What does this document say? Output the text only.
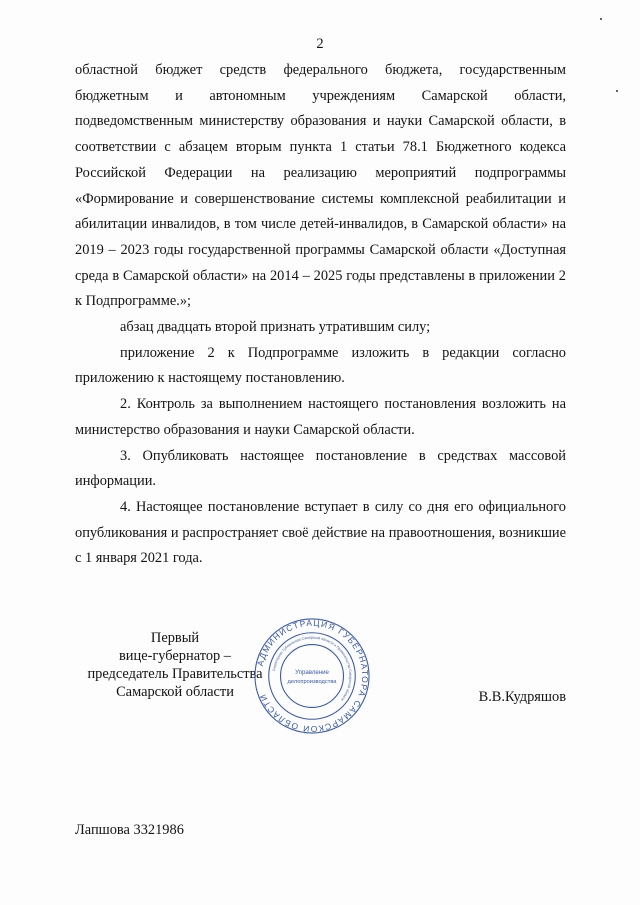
2

областной бюджет средств федерального бюджета, государственным бюджетным и автономным учреждениям Самарской области, подведомственным министерству образования и науки Самарской области, в соответствии с абзацем вторым пункта 1 статьи 78.1 Бюджетного кодекса Российской Федерации на реализацию мероприятий подпрограммы «Формирование и совершенствование системы комплексной реабилитации и абилитации инвалидов, в том числе детей-инвалидов, в Самарской области» на 2019 – 2023 годы государственной программы Самарской области «Доступная среда в Самарской области» на 2014 – 2025 годы представлены в приложении 2 к Подпрограмме.»;

абзац двадцать второй признать утратившим силу;

приложение 2 к Подпрограмме изложить в редакции согласно приложению к настоящему постановлению.

2. Контроль за выполнением настоящего постановления возложить на министерство образования и науки Самарской области.

3. Опубликовать настоящее постановление в средствах массовой информации.

4. Настоящее постановление вступает в силу со дня его официального опубликования и распространяет своё действие на правоотношения, возникшие с 1 января 2021 года.

Первый
вице-губернатор –
председатель Правительства
Самарской области
АДМИНИСТРАЦИЯ ГУБЕРНАТОРА САМАРСКОЙ ОБЛАСТИ
Секретариат Губернатора Самарской области и Правительства Самарской области
Управление
делопроизводства
В.В.Кудряшов
Лапшова 3321986
